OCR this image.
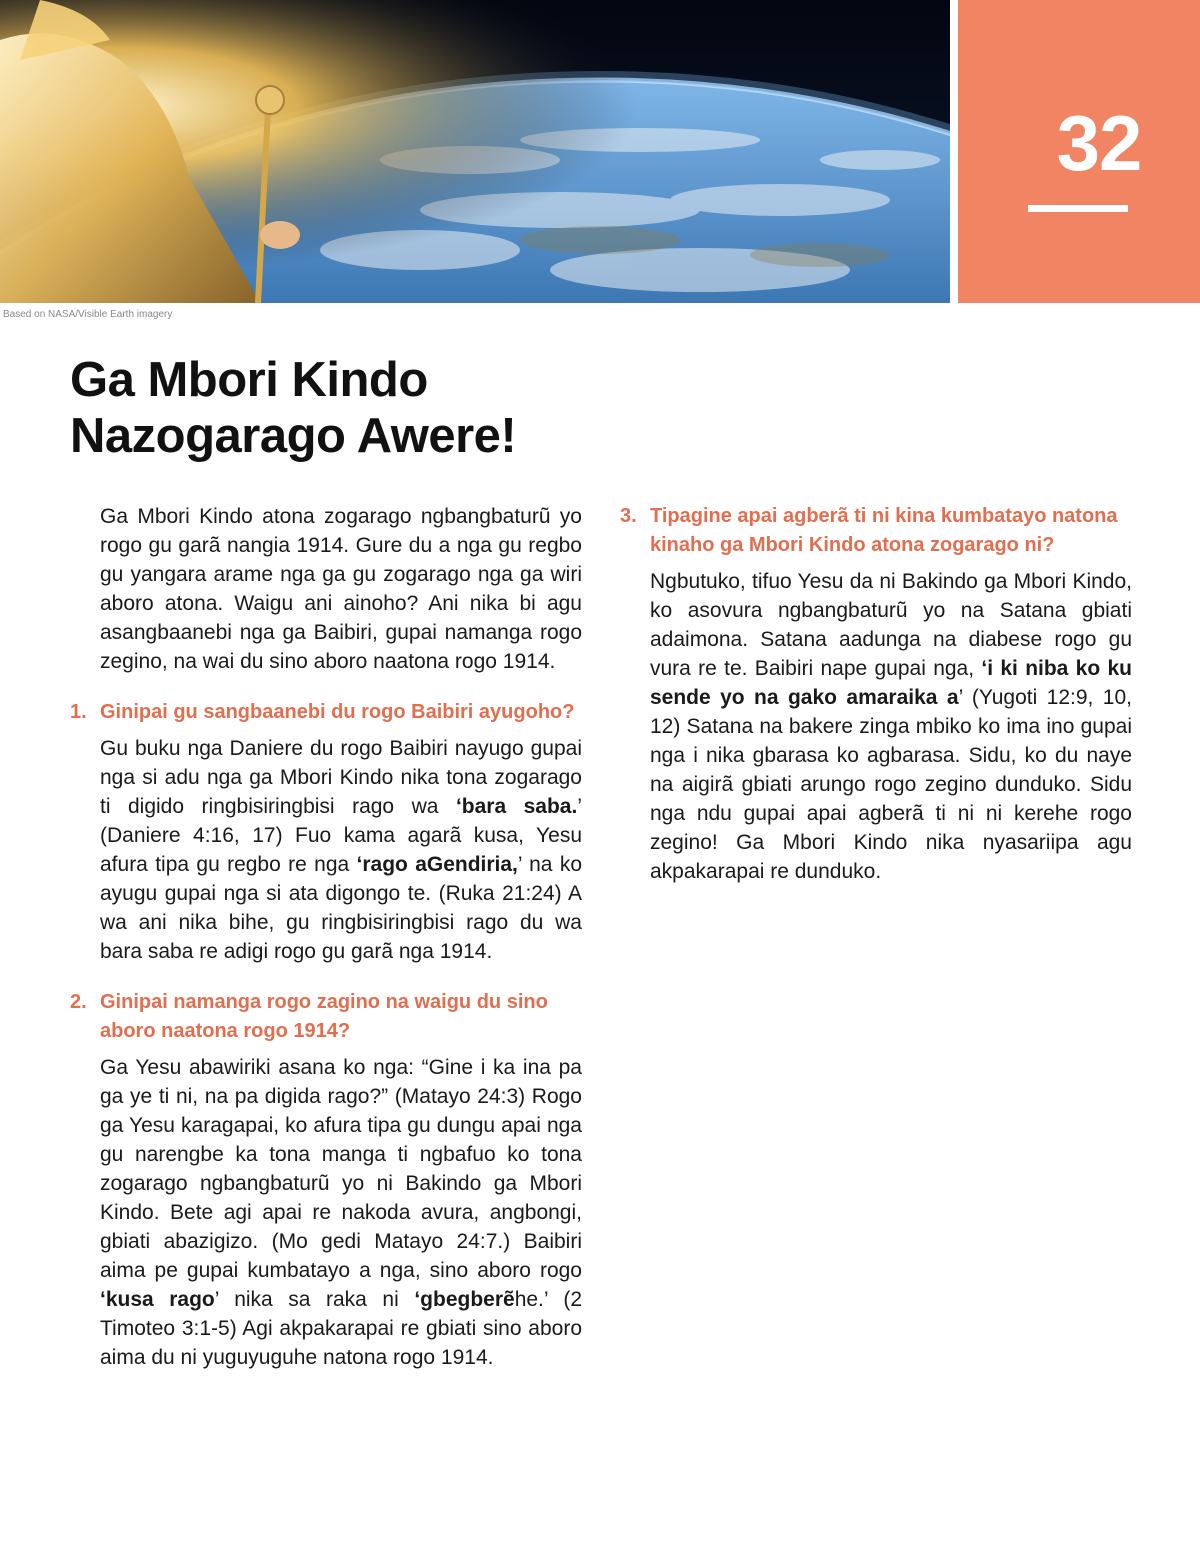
32
Based on NASA/Visible Earth imagery
Ga Mbori Kindo
Nazogarago Awere!

Ga Mbori Kindo atona zogarago ngbangbaturũ yo rogo gu garã nangia 1914. Gure du a nga gu regbo gu yangara arame nga ga gu zogarago nga ga wiri aboro atona. Waigu ani ainoho? Ani nika bi agu asangbaanebi nga ga Baibiri, gupai namanga rogo zegino, na wai du sino aboro naatona rogo 1914.

1. Ginipai gu sangbaanebi du rogo Baibiri ayugoho?

Gu buku nga Daniere du rogo Baibiri nayugo gupai nga si adu nga ga Mbori Kindo nika tona zogarago ti digido ringbisiringbisi rago wa ‘bara saba.’ (Daniere 4:16, 17) Fuo kama agarã kusa, Yesu afura tipa gu regbo re nga ‘rago aGendiria,’ na ko ayugu gupai nga si ata digongo te. (Ruka 21:24) A wa ani nika bihe, gu ringbisiringbisi rago du wa bara saba re adigi rogo gu garã nga 1914.

2. Ginipai namanga rogo zagino na waigu du sino aboro naatona rogo 1914?

Ga Yesu abawiriki asana ko nga: “Gine i ka ina pa ga ye ti ni, na pa digida rago?” (Matayo 24:3) Rogo ga Yesu karagapai, ko afura tipa gu dungu apai nga gu narengbe ka tona manga ti ngbafuo ko tona zogarago ngbangbaturũ yo ni Bakindo ga Mbori Kindo. Bete agi apai re nakoda avura, angbongi, gbiati abazigizo. (Mo gedi Matayo 24:7.) Baibiri aima pe gupai kumbatayo a nga, sino aboro rogo ‘kusa rago’ nika sa raka ni ‘gbegberẽhe.’ (2 Timoteo 3:1-5) Agi akpakarapai re gbiati sino aboro aima du ni yuguyuguhe natona rogo 1914.

3. Tipagine apai agberã ti ni kina kumbatayo natona kinaho ga Mbori Kindo atona zogarago ni?

Ngbutuko, tifuo Yesu da ni Bakindo ga Mbori Kindo, ko asovura ngbangbaturũ yo na Satana gbiati adaimona. Satana aadunga na diabese rogo gu vura re te. Baibiri nape gupai nga, ‘i ki niba ko ku sende yo na gako amaraika a’ (Yugoti 12:9, 10, 12) Satana na bakere zinga mbiko ko ima ino gupai nga i nika gbarasa ko agbarasa. Sidu, ko du naye na aigirã gbiati arungo rogo zegino dunduko. Sidu nga ndu gupai apai agberã ti ni ni kerehe rogo zegino! Ga Mbori Kindo nika nyasariipa agu akpakarapai re dunduko.
